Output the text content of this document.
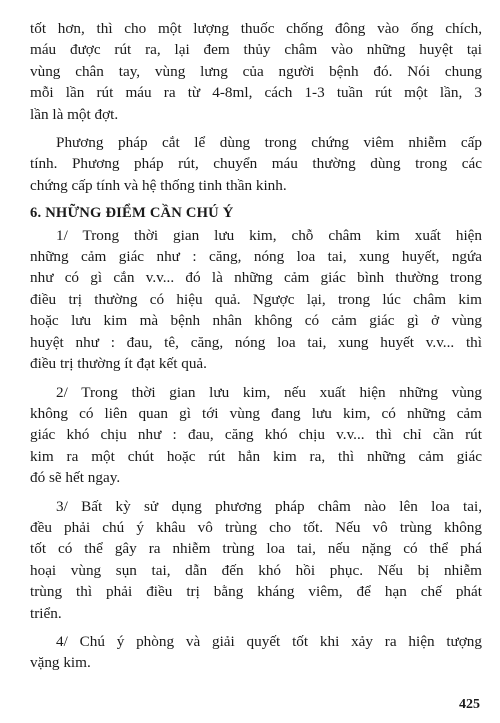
tốt hơn, thì cho một lượng thuốc chống đông vào ống chích,
máu được rút ra, lại đem thủy châm vào những huyệt tại
vùng chân tay, vùng lưng của người bệnh đó. Nói chung
mỗi lần rút máu ra từ 4-8ml, cách 1-3 tuần rút một lần, 3
lần là một đợt.
Phương pháp cắt lể dùng trong chứng viêm nhiễm cấp
tính. Phương pháp rút, chuyển máu thường dùng trong các
chứng cấp tính và hệ thống tinh thần kinh.
6. NHỮNG ĐIỂM CẦN CHÚ Ý
1/ Trong thời gian lưu kim, chỗ châm kim xuất hiện
những cảm giác như : căng, nóng loa tai, xung huyết, ngứa
như có gì cắn v.v... đó là những cảm giác bình thường trong
điều trị thường có hiệu quả. Ngược lại, trong lúc châm kim
hoặc lưu kim mà bệnh nhân không có cảm giác gì ở vùng
huyệt như : đau, tê, căng, nóng loa tai, xung huyết v.v... thì
điều trị thường ít đạt kết quả.
2/ Trong thời gian lưu kim, nếu xuất hiện những vùng
không có liên quan gì tới vùng đang lưu kim, có những cảm
giác khó chịu như : đau, căng khó chịu v.v... thì chỉ cần rút
kim ra một chút hoặc rút hẳn kim ra, thì những cảm giác
đó sẽ hết ngay.
3/ Bất kỳ sử dụng phương pháp châm nào lên loa tai,
đều phải chú ý khâu vô trùng cho tốt. Nếu vô trùng không
tốt có thể gây ra nhiễm trùng loa tai, nếu nặng có thể phá
hoại vùng sụn tai, dẫn đến khó hồi phục. Nếu bị nhiễm
trùng thì phải điều trị bằng kháng viêm, để hạn chế phát
triển.
4/ Chú ý phòng và giải quyết tốt khi xảy ra hiện tượng
vặng kim.
425
